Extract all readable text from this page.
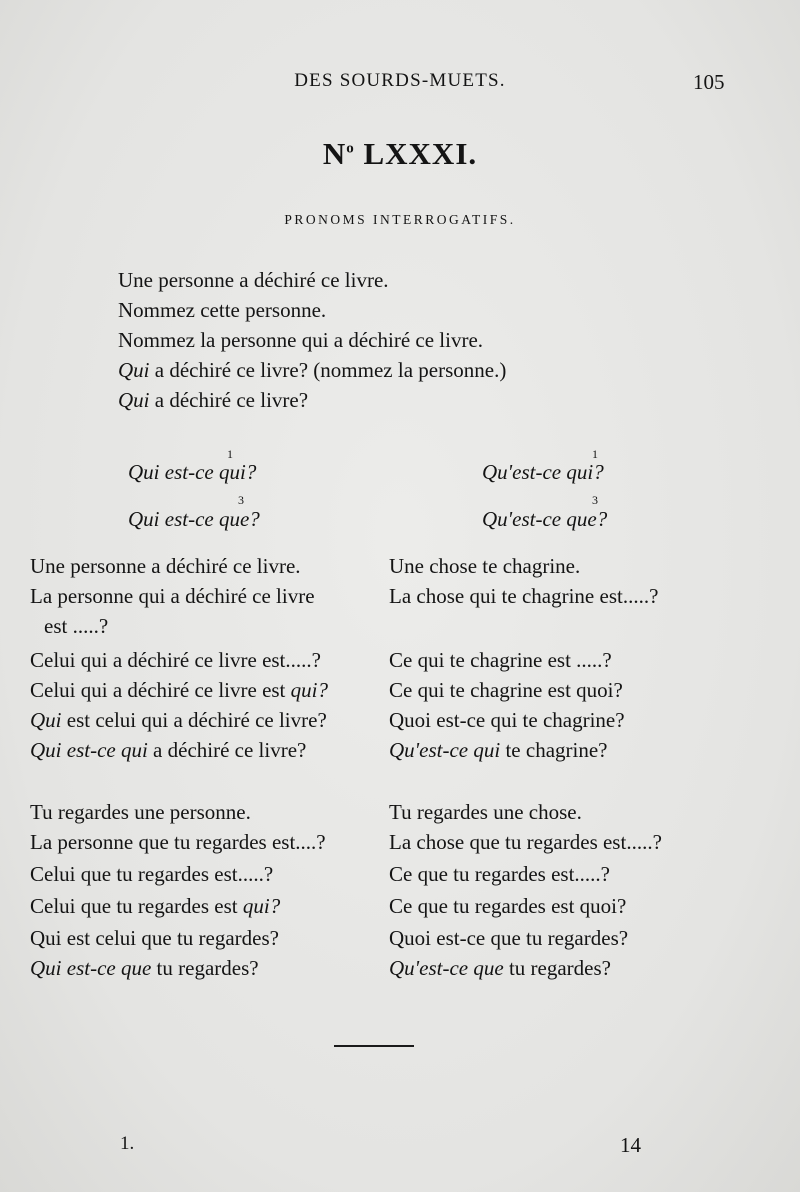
DES SOURDS-MUETS.	105
$N^o$ LXXXI.
PRONOMS INTERROGATIFS.
Une personne a déchiré ce livre.
Nommez cette personne.
Nommez la personne qui a déchiré ce livre.
Qui a déchiré ce livre? (nommez la personne.)
Qui a déchiré ce livre?
1
Qui est-ce qui?
3
Qui est-ce que?
1
Qu'est-ce qui?
3
Qu'est-ce que?
Une personne a déchiré ce livre.
La personne qui a déchiré ce livre
est .....?
Celui qui a déchiré ce livre est.....?
Celui qui a déchiré ce livre est qui?
Qui est celui qui a déchiré ce livre?
Qui est-ce qui a déchiré ce livre?
Une chose te chagrine.
La chose qui te chagrine est.....?
Ce qui te chagrine est .....?
Ce qui te chagrine est quoi?
Quoi est-ce qui te chagrine?
Qu'est-ce qui te chagrine?
Tu regardes une personne.
La personne que tu regardes est....?
Celui que tu regardes est.....?
Celui que tu regardes est qui?
Qui est celui que tu regardes?
Qui est-ce que tu regardes?
Tu regardes une chose.
La chose que tu regardes est.....?
Ce que tu regardes est.....?
Ce que tu regardes est quoi?
Quoi est-ce que tu regardes?
Qu'est-ce que tu regardes?
1.	14
